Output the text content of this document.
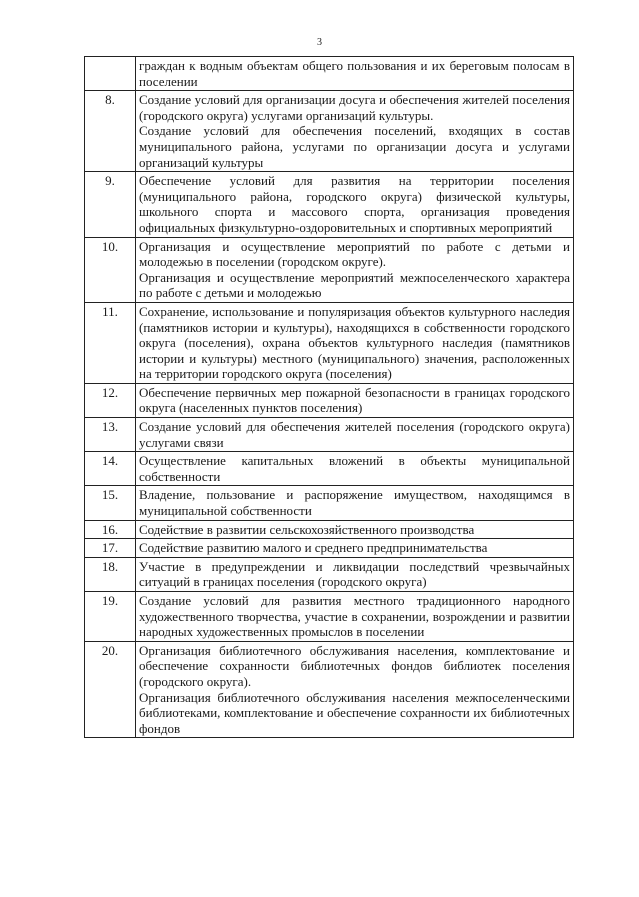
3

	граждан к водным объектам общего пользования и их береговым полосам в поселении

8.	Создание условий для организации досуга и обеспечения жителей поселения (городского округа) услугами организаций культуры.
Создание условий для обеспечения поселений, входящих в состав муниципального района, услугами по организации досуга и услугами организаций культуры

9.	Обеспечение условий для развития на территории поселения (муниципального района, городского округа) физической культуры, школьного спорта и массового спорта, организация проведения официальных физкультурно-оздоровительных и спортивных мероприятий

10.	Организация и осуществление мероприятий по работе с детьми и молодежью в поселении (городском округе).
Организация и осуществление мероприятий межпоселенческого характера по работе с детьми и молодежью

11.	Сохранение, использование и популяризация объектов культурного наследия (памятников истории и культуры), находящихся в собственности городского округа (поселения), охрана объектов культурного наследия (памятников истории и культуры) местного (муниципального) значения, расположенных на территории городского округа (поселения)

12.	Обеспечение первичных мер пожарной безопасности в границах городского округа (населенных пунктов поселения)

13.	Создание условий для обеспечения жителей поселения (городского округа) услугами связи

14.	Осуществление капитальных вложений в объекты муниципальной собственности

15.	Владение, пользование и распоряжение имуществом, находящимся в муниципальной собственности

16.	Содействие в развитии сельскохозяйственного производства

17.	Содействие развитию малого и среднего предпринимательства

18.	Участие в предупреждении и ликвидации последствий чрезвычайных ситуаций в границах поселения (городского округа)

19.	Создание условий для развития местного традиционного народного художественного творчества, участие в сохранении, возрождении и развитии народных художественных промыслов в поселении

20.	Организация библиотечного обслуживания населения, комплектование и обеспечение сохранности библиотечных фондов библиотек поселения (городского округа).
Организация библиотечного обслуживания населения межпоселенческими библиотеками, комплектование и обеспечение сохранности их библиотечных фондов
